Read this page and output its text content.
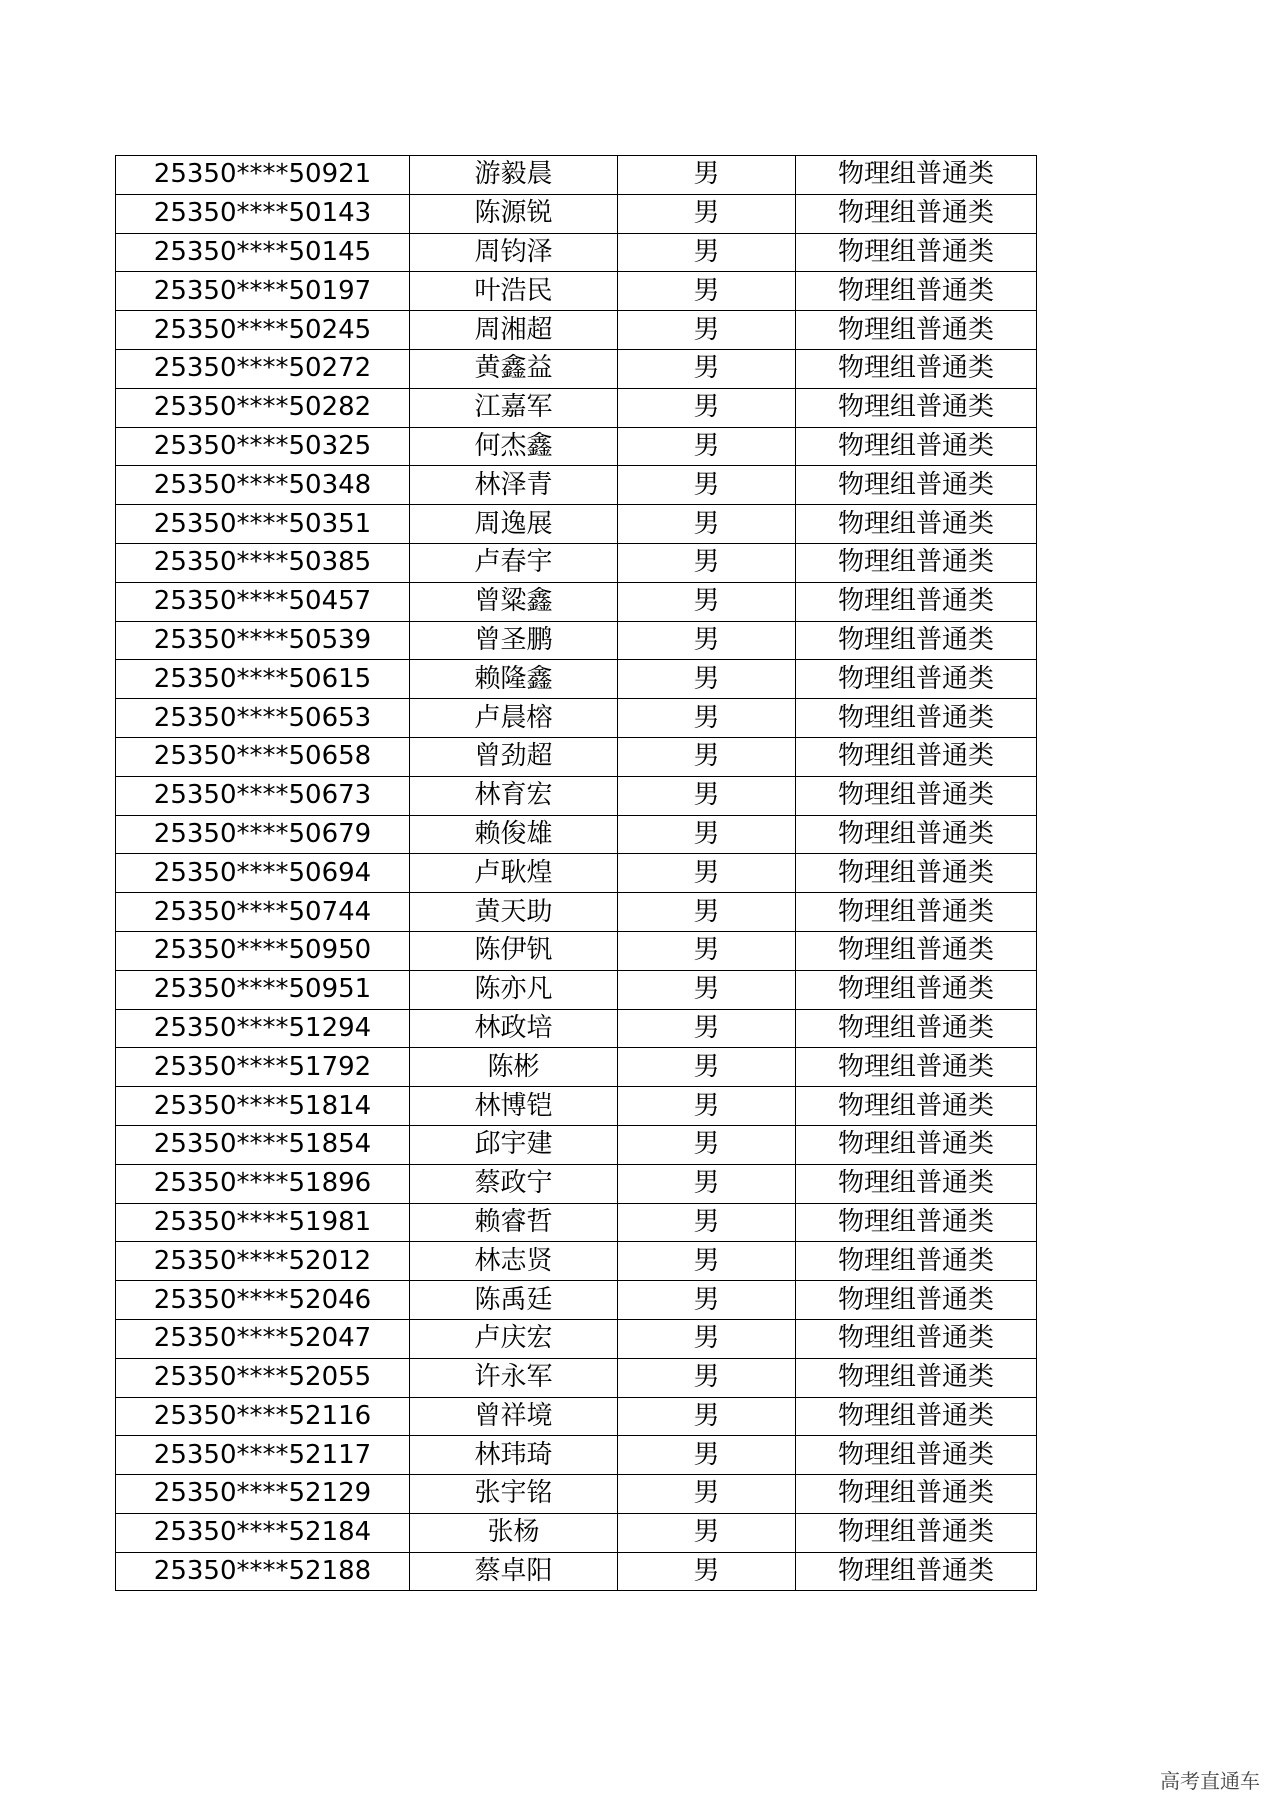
25350****50921	游毅晨	男	物理组普通类
25350****50143	陈源锐	男	物理组普通类
25350****50145	周钧泽	男	物理组普通类
25350****50197	叶浩民	男	物理组普通类
25350****50245	周湘超	男	物理组普通类
25350****50272	黄鑫益	男	物理组普通类
25350****50282	江嘉军	男	物理组普通类
25350****50325	何杰鑫	男	物理组普通类
25350****50348	林泽青	男	物理组普通类
25350****50351	周逸展	男	物理组普通类
25350****50385	卢春宇	男	物理组普通类
25350****50457	曾粱鑫	男	物理组普通类
25350****50539	曾圣鹏	男	物理组普通类
25350****50615	赖隆鑫	男	物理组普通类
25350****50653	卢晨榕	男	物理组普通类
25350****50658	曾劲超	男	物理组普通类
25350****50673	林育宏	男	物理组普通类
25350****50679	赖俊雄	男	物理组普通类
25350****50694	卢耿煌	男	物理组普通类
25350****50744	黄天助	男	物理组普通类
25350****50950	陈伊钒	男	物理组普通类
25350****50951	陈亦凡	男	物理组普通类
25350****51294	林政培	男	物理组普通类
25350****51792	陈彬	男	物理组普通类
25350****51814	林博铠	男	物理组普通类
25350****51854	邱宇建	男	物理组普通类
25350****51896	蔡政宁	男	物理组普通类
25350****51981	赖睿哲	男	物理组普通类
25350****52012	林志贤	男	物理组普通类
25350****52046	陈禹廷	男	物理组普通类
25350****52047	卢庆宏	男	物理组普通类
25350****52055	许永军	男	物理组普通类
25350****52116	曾祥境	男	物理组普通类
25350****52117	林玮琦	男	物理组普通类
25350****52129	张宇铭	男	物理组普通类
25350****52184	张杨	男	物理组普通类
25350****52188	蔡卓阳	男	物理组普通类
高考直通车
